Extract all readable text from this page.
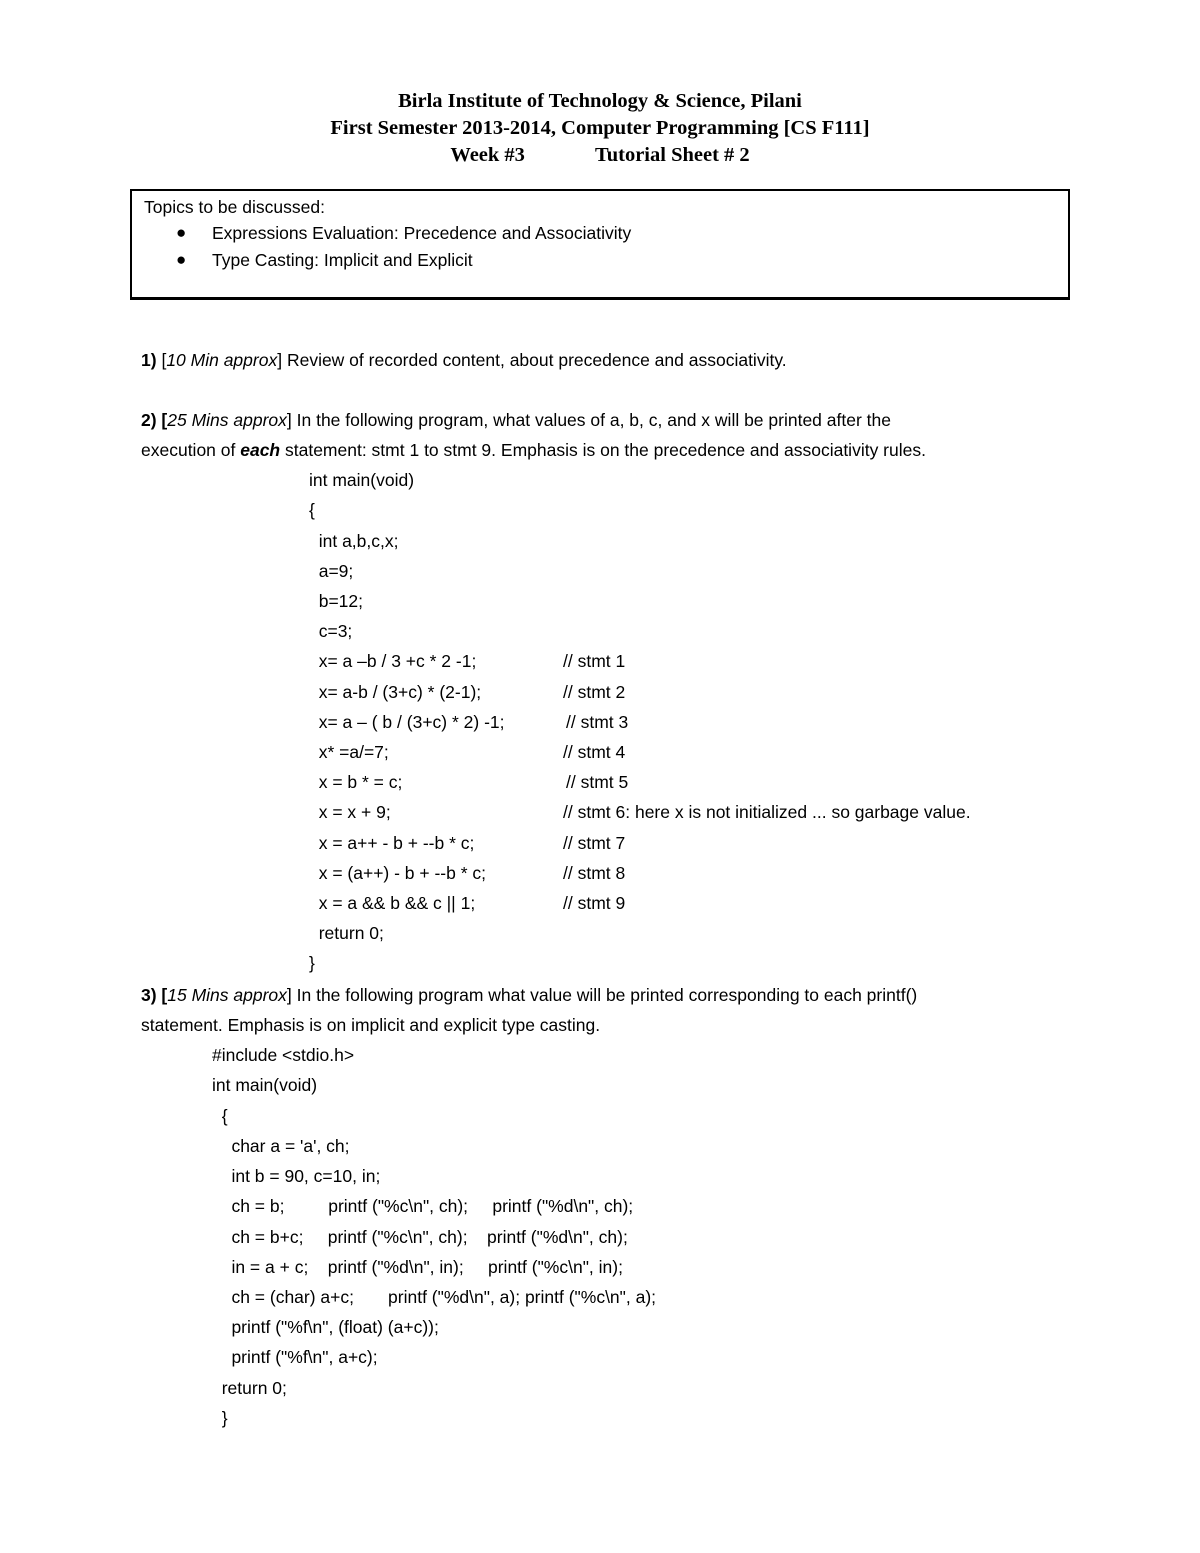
Birla Institute of Technology & Science, Pilani
First Semester 2013-2014, Computer Programming [CS F111]
Week #3	Tutorial Sheet # 2
Topics to be discussed:
● Expressions Evaluation: Precedence and Associativity
● Type Casting: Implicit and Explicit
1) [10 Min approx] Review of recorded content, about precedence and associativity.
2) [25 Mins approx] In the following program, what values of a, b, c, and x will be printed after the
execution of each statement: stmt 1 to stmt 9. Emphasis is on the precedence and associativity rules.
int main(void)
{
int a,b,c,x;
a=9;
b=12;
c=3;
x= a –b / 3 +c * 2 -1;
x= a-b / (3+c) * (2-1);
x= a – ( b / (3+c) * 2) -1;
x* =a/=7;
x = b * = c;
x = x + 9;
x = a++ - b + --b * c;
x = (a++) - b + --b * c;
x = a && b && c || 1;
return 0;
}
// stmt 1
// stmt 2
// stmt 3
// stmt 4
// stmt 5
// stmt 6: here x is not initialized ... so garbage value.
// stmt 7
// stmt 8
// stmt 9
3) [15 Mins approx] In the following program what value will be printed corresponding to each printf()
statement. Emphasis is on implicit and explicit type casting.
#include <stdio.h>
int main(void)
{
char a = 'a', ch;
int b = 90, c=10, in;
ch = b;         printf ("%c\n", ch);     printf ("%d\n", ch);
ch = b+c;     printf ("%c\n", ch);    printf ("%d\n", ch);
in = a + c;    printf ("%d\n", in);     printf ("%c\n", in);
ch = (char) a+c;       printf ("%d\n", a); printf ("%c\n", a);
printf ("%f\n", (float) (a+c));
printf ("%f\n", a+c);
return 0;
}
